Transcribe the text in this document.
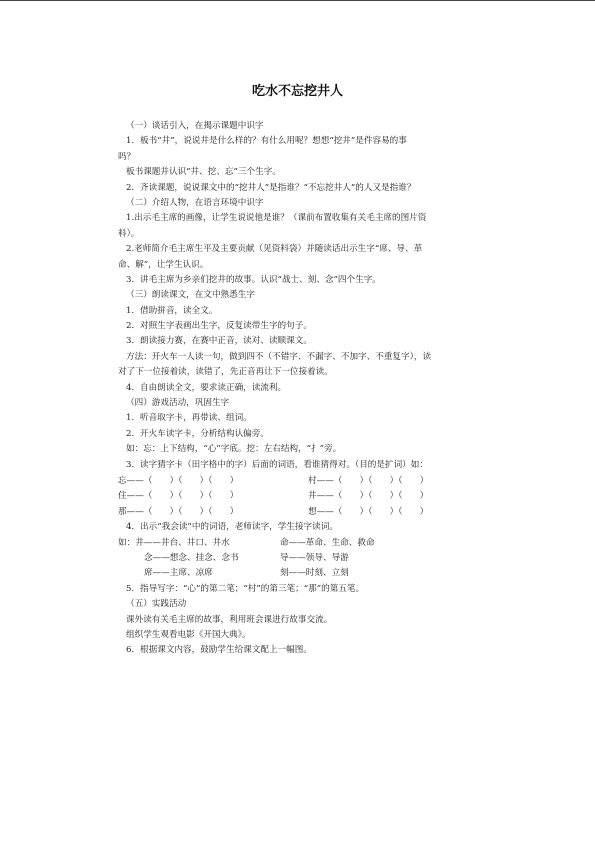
吃水不忘挖井人
（一）谈话引入，在揭示课题中识字
1．板书“井”，说说井是什么样的？有什么用呢？想想“挖井”是件容易的事
吗？
板书课题并认识“井、挖、忘”三个生字。
2．齐读课题，说说课文中的“挖井人”是指谁？“不忘挖井人”的人又是指谁？
（二）介绍人物，在语言环境中识字
1.出示毛主席的画像，让学生说说他是谁？（课前布置收集有关毛主席的图片资
料）。
2.老师简介毛主席生平及主要贡献（见资料袋）并随读话出示生字“席、导、革
命、解”，让学生认识。
3．讲毛主席为乡亲们挖井的故事。认识“战士、刻、念”四个生字。
（三）朗读课文，在文中熟悉生字
1．借助拼音，读全文。
2．对照生字表画出生字，反复读带生字的句子。
3．朗读接力赛，在赛中正音，读对、读顺课文。
方法：开火车一人读一句，做到四不（不错字、不漏字、不加字、不重复字），读
对了下一位接着读，读错了，先正音再让下一位接着读。
4．自由朗读全文，要求读正确，读流利。
（四）游戏活动，巩固生字
1．听音取字卡，再带读、组词。
2．开火车读字卡，分析结构认偏旁。
如：忘：上下结构，“心”字底。挖：左右结构，“扌”旁。
3．读字猜字卡（田字格中的字）后面的词语，看谁猜得对。（目的是扩词）如：
忘——（　　）（　　）（　　）	村——（　　）（　　）（　　）
住——（　　）（　　）（　　）	井——（　　）（　　）（　　）
那——（　　）（　　）（　　）	想——（　　）（　　）（　　）
4．出示“我会读”中的词语，老师读字，学生接字读词。
如：井——井台、井口、井水	命——革命、生命、救命
念——想念、挂念、念书	导——领导、导游
席——主席、凉席	刻——时刻、立刻
5．指导写字：“心”的第二笔；“村”的第三笔；“那”的第五笔。
（五）实践活动
课外读有关毛主席的故事，利用班会课进行故事交流。
组织学生观看电影《开国大典》。
6．根据课文内容，鼓励学生给课文配上一幅图。
